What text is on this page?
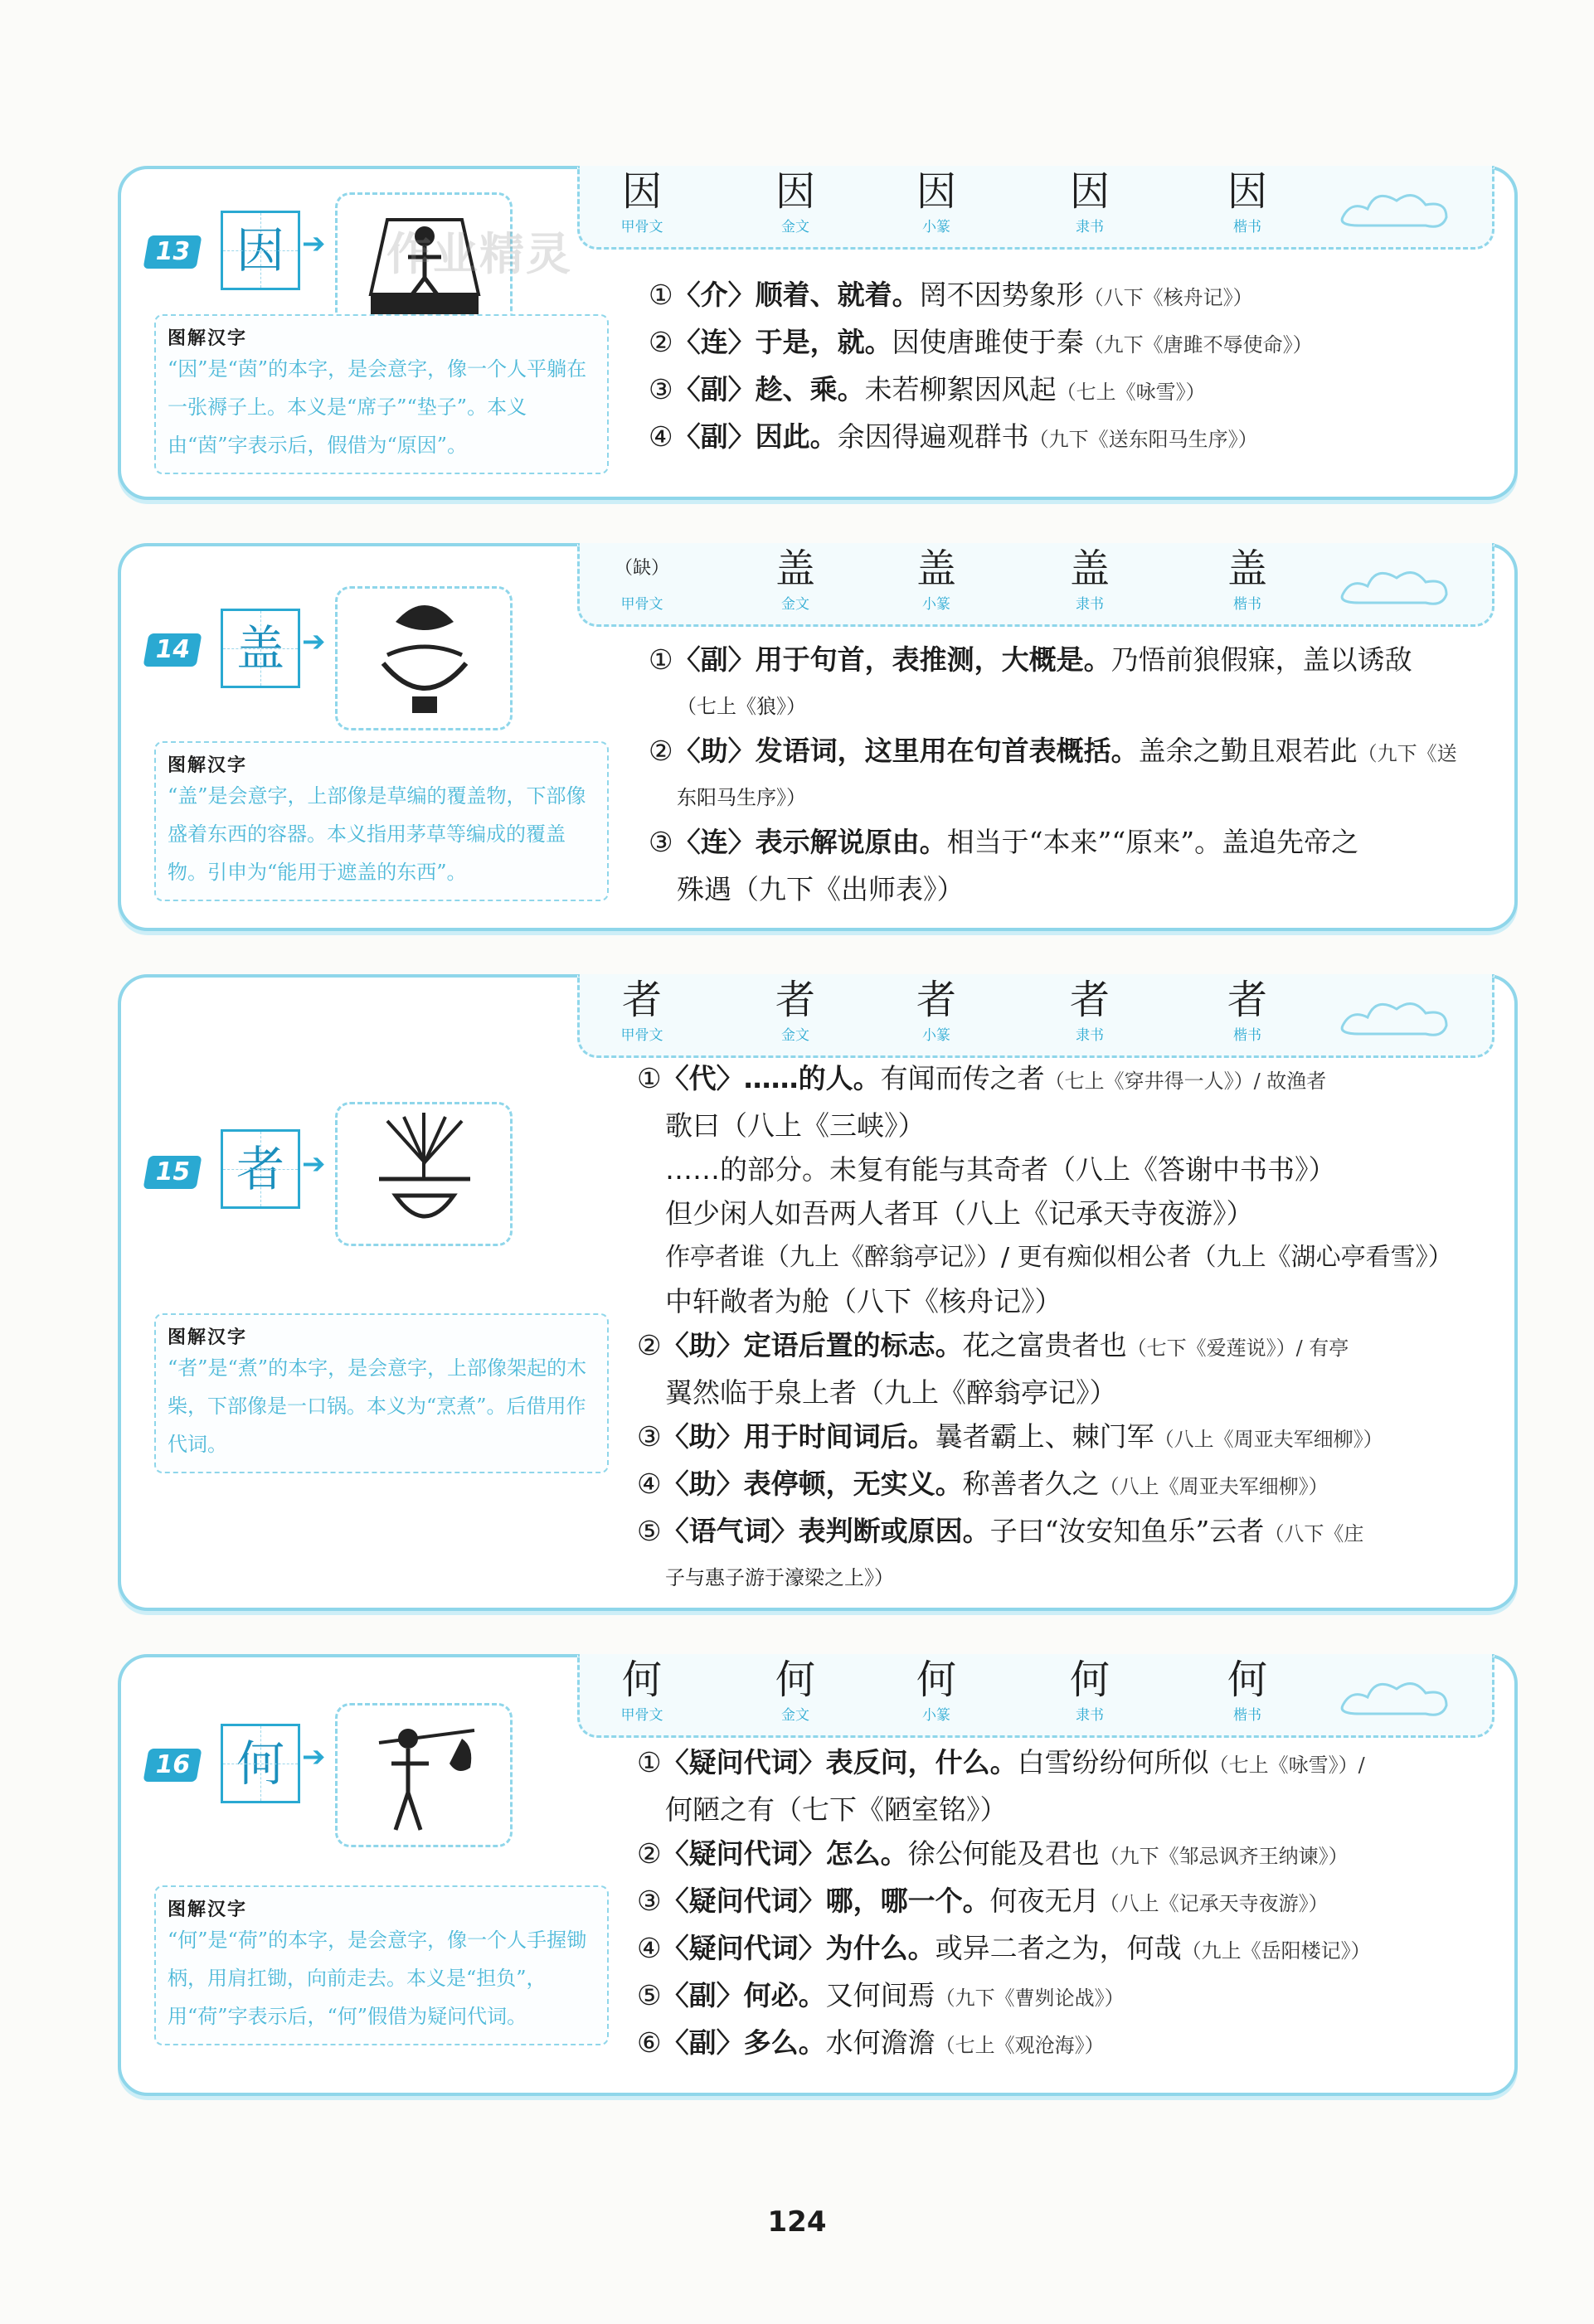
因
甲骨文
因
金文
因
小篆
因
隶书
因
楷书
13 因 ➔ 作业精灵
图解汉字
“因”是“茵”的本字，是会意字，像一个人平躺在一张褥子上。本义是“席子”“垫子”。本义由“茵”字表示后，假借为“原因”。
①〈介〉顺着、就着。罔不因势象形（八下《核舟记》）
②〈连〉于是，就。因使唐雎使于秦（九下《唐雎不辱使命》）
③〈副〉趁、乘。未若柳絮因风起（七上《咏雪》）
④〈副〉因此。余因得遍观群书（九下《送东阳马生序》）
（缺）
甲骨文
盖
金文
盖
小篆
盖
隶书
盖
楷书
14 盖 ➔
图解汉字
“盖”是会意字，上部像是草编的覆盖物，下部像盛着东西的容器。本义指用茅草等编成的覆盖物。引申为“能用于遮盖的东西”。
①〈副〉用于句首，表推测，大概是。乃悟前狼假寐，盖以诱敌
（七上《狼》）
②〈助〉发语词，这里用在句首表概括。盖余之勤且艰若此（九下《送
东阳马生序》）
③〈连〉表示解说原由。相当于“本来”“原来”。盖追先帝之
殊遇（九下《出师表》）
者
甲骨文
者
金文
者
小篆
者
隶书
者
楷书
15 者 ➔
图解汉字
“者”是“煮”的本字，是会意字，上部像架起的木柴，下部像是一口锅。本义为“烹煮”。后借用作代词。
①〈代〉……的人。有闻而传之者（七上《穿井得一人》）/ 故渔者
歌曰（八上《三峡》）
……的部分。未复有能与其奇者（八上《答谢中书书》）
但少闲人如吾两人者耳（八上《记承天寺夜游》）
作亭者谁（九上《醉翁亭记》）/ 更有痴似相公者（九上《湖心亭看雪》）
中轩敞者为舱（八下《核舟记》）
②〈助〉定语后置的标志。花之富贵者也（七下《爱莲说》）/ 有亭
翼然临于泉上者（九上《醉翁亭记》）
③〈助〉用于时间词后。曩者霸上、棘门军（八上《周亚夫军细柳》）
④〈助〉表停顿，无实义。称善者久之（八上《周亚夫军细柳》）
⑤〈语气词〉表判断或原因。子曰“汝安知鱼乐”云者（八下《庄
子与惠子游于濠梁之上》）
何
甲骨文
何
金文
何
小篆
何
隶书
何
楷书
16 何 ➔
图解汉字
“何”是“荷”的本字，是会意字，像一个人手握锄柄，用肩扛锄，向前走去。本义是“担负”，用“荷”字表示后，“何”假借为疑问代词。
①〈疑问代词〉表反问，什么。白雪纷纷何所似（七上《咏雪》）/
何陋之有（七下《陋室铭》）
②〈疑问代词〉怎么。徐公何能及君也（九下《邹忌讽齐王纳谏》）
③〈疑问代词〉哪，哪一个。何夜无月（八上《记承天寺夜游》）
④〈疑问代词〉为什么。或异二者之为，何哉（九上《岳阳楼记》）
⑤〈副〉何必。又何间焉（九下《曹刿论战》）
⑥〈副〉多么。水何澹澹（七上《观沧海》）
124
